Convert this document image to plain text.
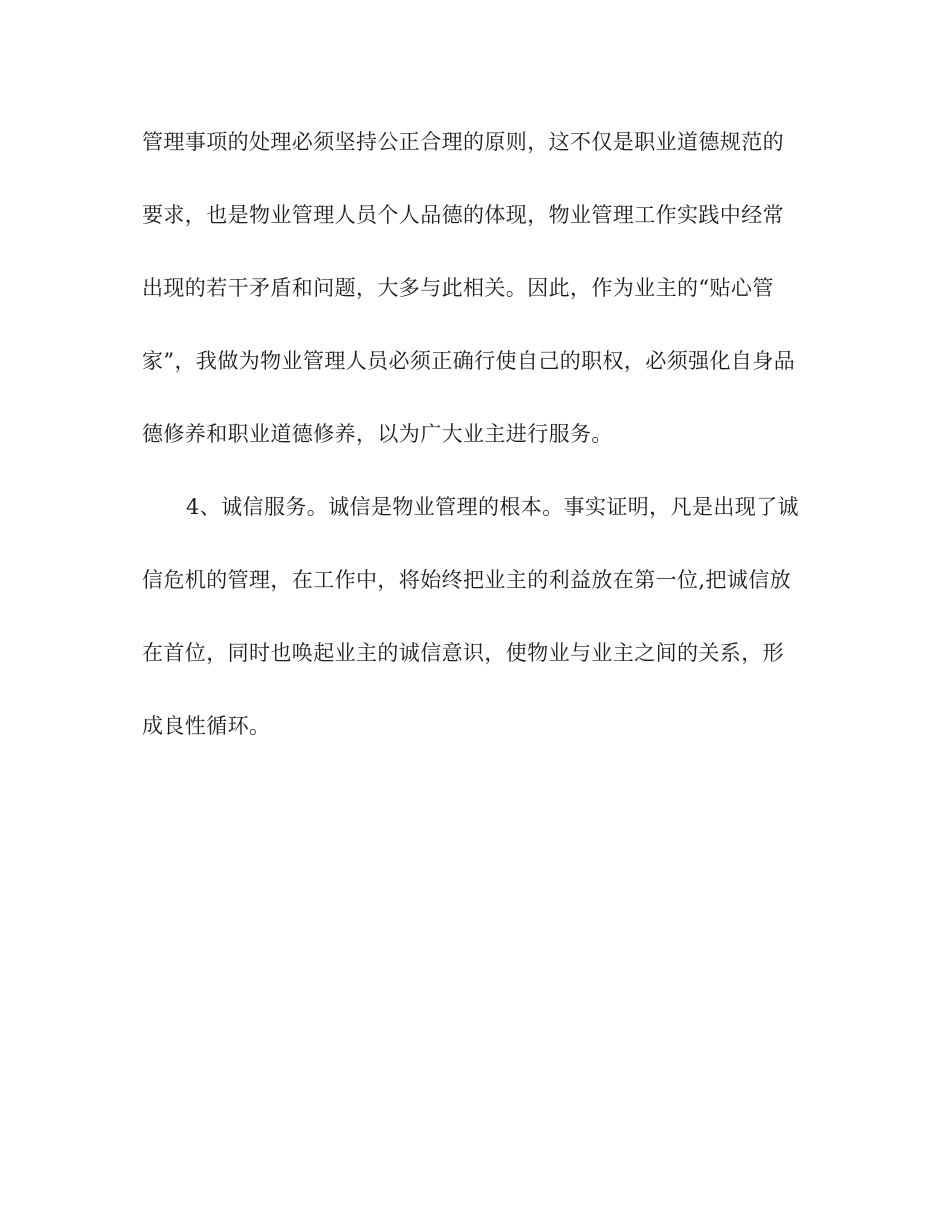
管理事项的处理必须坚持公正合理的原则，这不仅是职业道德规范的
要求，也是物业管理人员个人品德的体现，物业管理工作实践中经常
出现的若干矛盾和问题，大多与此相关。因此，作为业主的“贴心管
家”，我做为物业管理人员必须正确行使自己的职权，必须强化自身品
德修养和职业道德修养，以为广大业主进行服务。
4、诚信服务。诚信是物业管理的根本。事实证明，凡是出现了诚
信危机的管理，在工作中，将始终把业主的利益放在第一位,把诚信放
在首位，同时也唤起业主的诚信意识，使物业与业主之间的关系，形
成良性循环。
